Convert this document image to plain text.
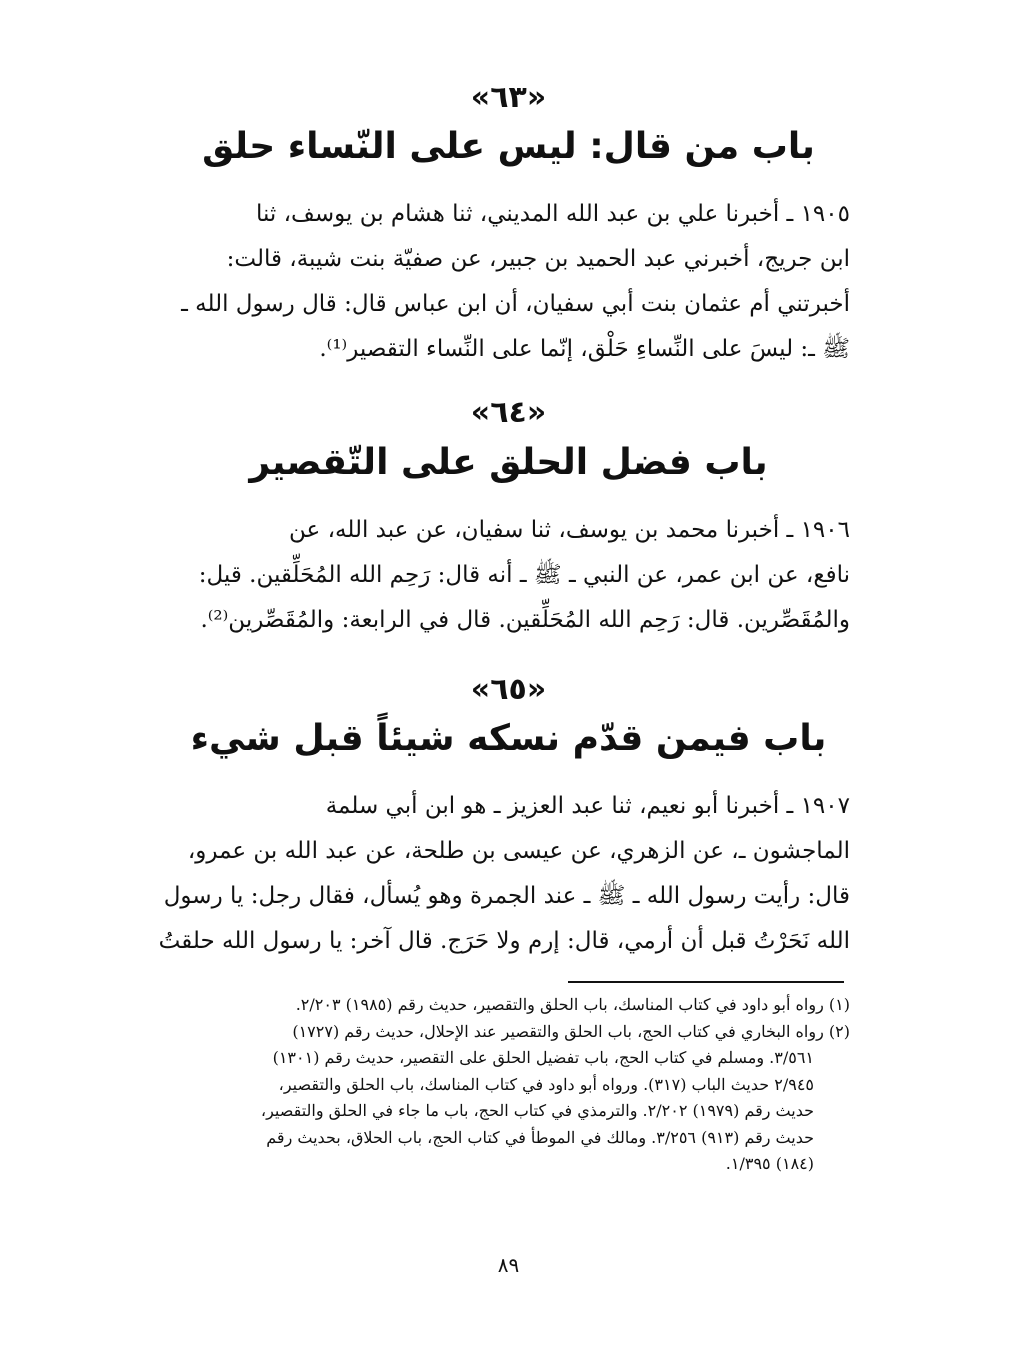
«٦٣»
باب من قال: ليس على النّساء حلق
١٩٠٥ ـ أخبرنا علي بن عبد الله المديني، ثنا هشام بن يوسف، ثنا
ابن جريج، أخبرني عبد الحميد بن جبير، عن صفيّة بنت شيبة، قالت:
أخبرتني أم عثمان بنت أبي سفيان، أن ابن عباس قال: قال رسول الله ـ
ﷺ ـ: ليسَ على النِّساءِ حَلْق، إنّما على النِّساء التقصير⁽¹⁾.
«٦٤»
باب فضل الحلق على التّقصير
١٩٠٦ ـ أخبرنا محمد بن يوسف، ثنا سفيان، عن عبد الله، عن
نافع، عن ابن عمر، عن النبي ـ ﷺ ـ أنه قال: رَحِم الله المُحَلِّقين. قيل:
والمُقَصِّرين. قال: رَحِم الله المُحَلِّقين. قال في الرابعة: والمُقَصِّرين⁽²⁾.
«٦٥»
باب فيمن قدّم نسكه شيئاً قبل شيء
١٩٠٧ ـ أخبرنا أبو نعيم، ثنا عبد العزيز ـ هو ابن أبي سلمة
الماجشون ـ، عن الزهري، عن عيسى بن طلحة، عن عبد الله بن عمرو،
قال: رأيت رسول الله ـ ﷺ ـ عند الجمرة وهو يُسأل، فقال رجل: يا رسول
الله نَحَرْتُ قبل أن أرمي، قال: إرم ولا حَرَج. قال آخر: يا رسول الله حلقتُ
(١) رواه أبو داود في كتاب المناسك، باب الحلق والتقصير، حديث رقم (١٩٨٥) ٢/٢٠٣.
(٢) رواه البخاري في كتاب الحج، باب الحلق والتقصير عند الإحلال، حديث رقم (١٧٢٧)
٣/٥٦١. ومسلم في كتاب الحج، باب تفضيل الحلق على التقصير، حديث رقم (١٣٠١)
٢/٩٤٥ حديث الباب (٣١٧). ورواه أبو داود في كتاب المناسك، باب الحلق والتقصير،
حديث رقم (١٩٧٩) ٢/٢٠٢. والترمذي في كتاب الحج، باب ما جاء في الحلق والتقصير،
حديث رقم (٩١٣) ٣/٢٥٦. ومالك في الموطأ في كتاب الحج، باب الحلاق، بحديث رقم
(١٨٤) ١/٣٩٥.
٨٩
